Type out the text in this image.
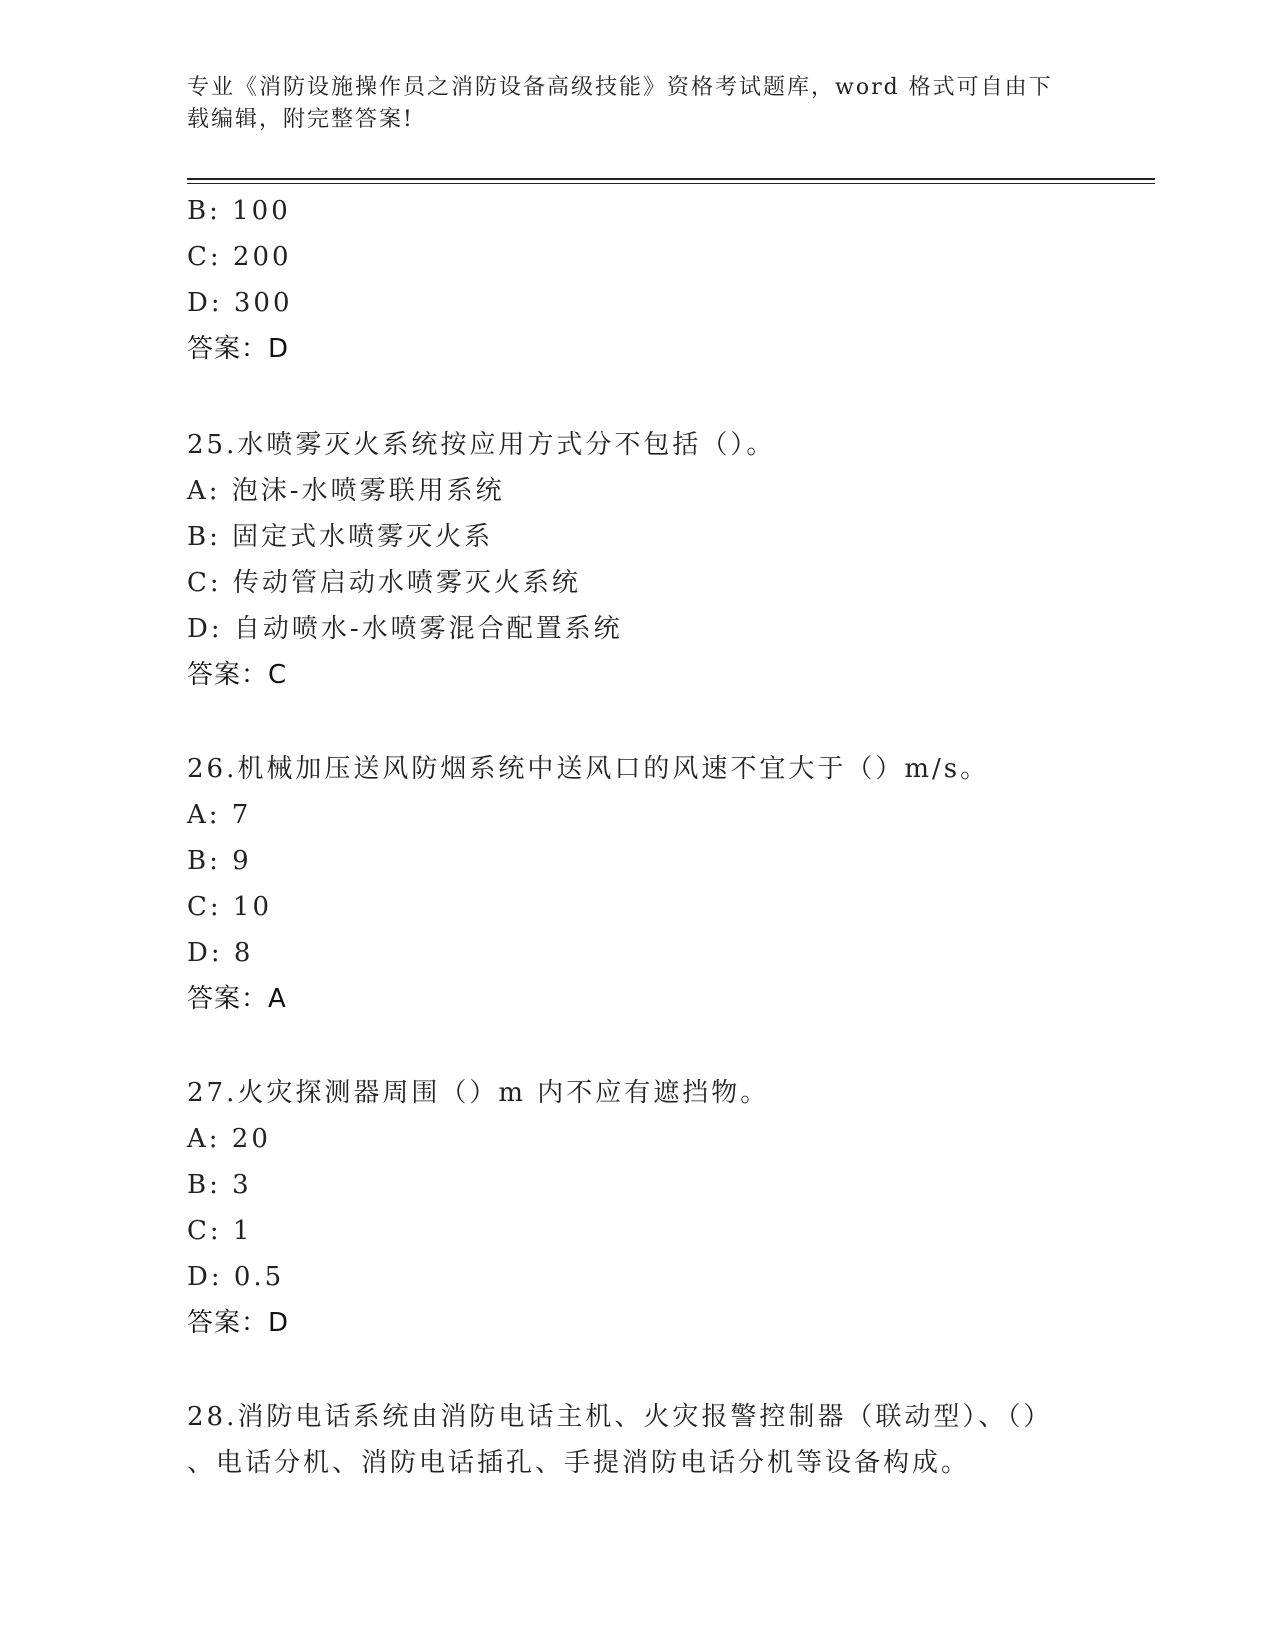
专业《消防设施操作员之消防设备高级技能》资格考试题库，word 格式可自由下
载编辑，附完整答案!
B: 100
C: 200
D: 300
答案：D
25.水喷雾灭火系统按应用方式分不包括（）。
A: 泡沫-水喷雾联用系统
B: 固定式水喷雾灭火系
C: 传动管启动水喷雾灭火系统
D: 自动喷水-水喷雾混合配置系统
答案：C
26.机械加压送风防烟系统中送风口的风速不宜大于（）m/s。
A: 7
B: 9
C: 10
D: 8
答案：A
27.火灾探测器周围（）m 内不应有遮挡物。
A: 20
B: 3
C: 1
D: 0.5
答案：D
28.消防电话系统由消防电话主机、火灾报警控制器（联动型）、（）
、电话分机、消防电话插孔、手提消防电话分机等设备构成。
